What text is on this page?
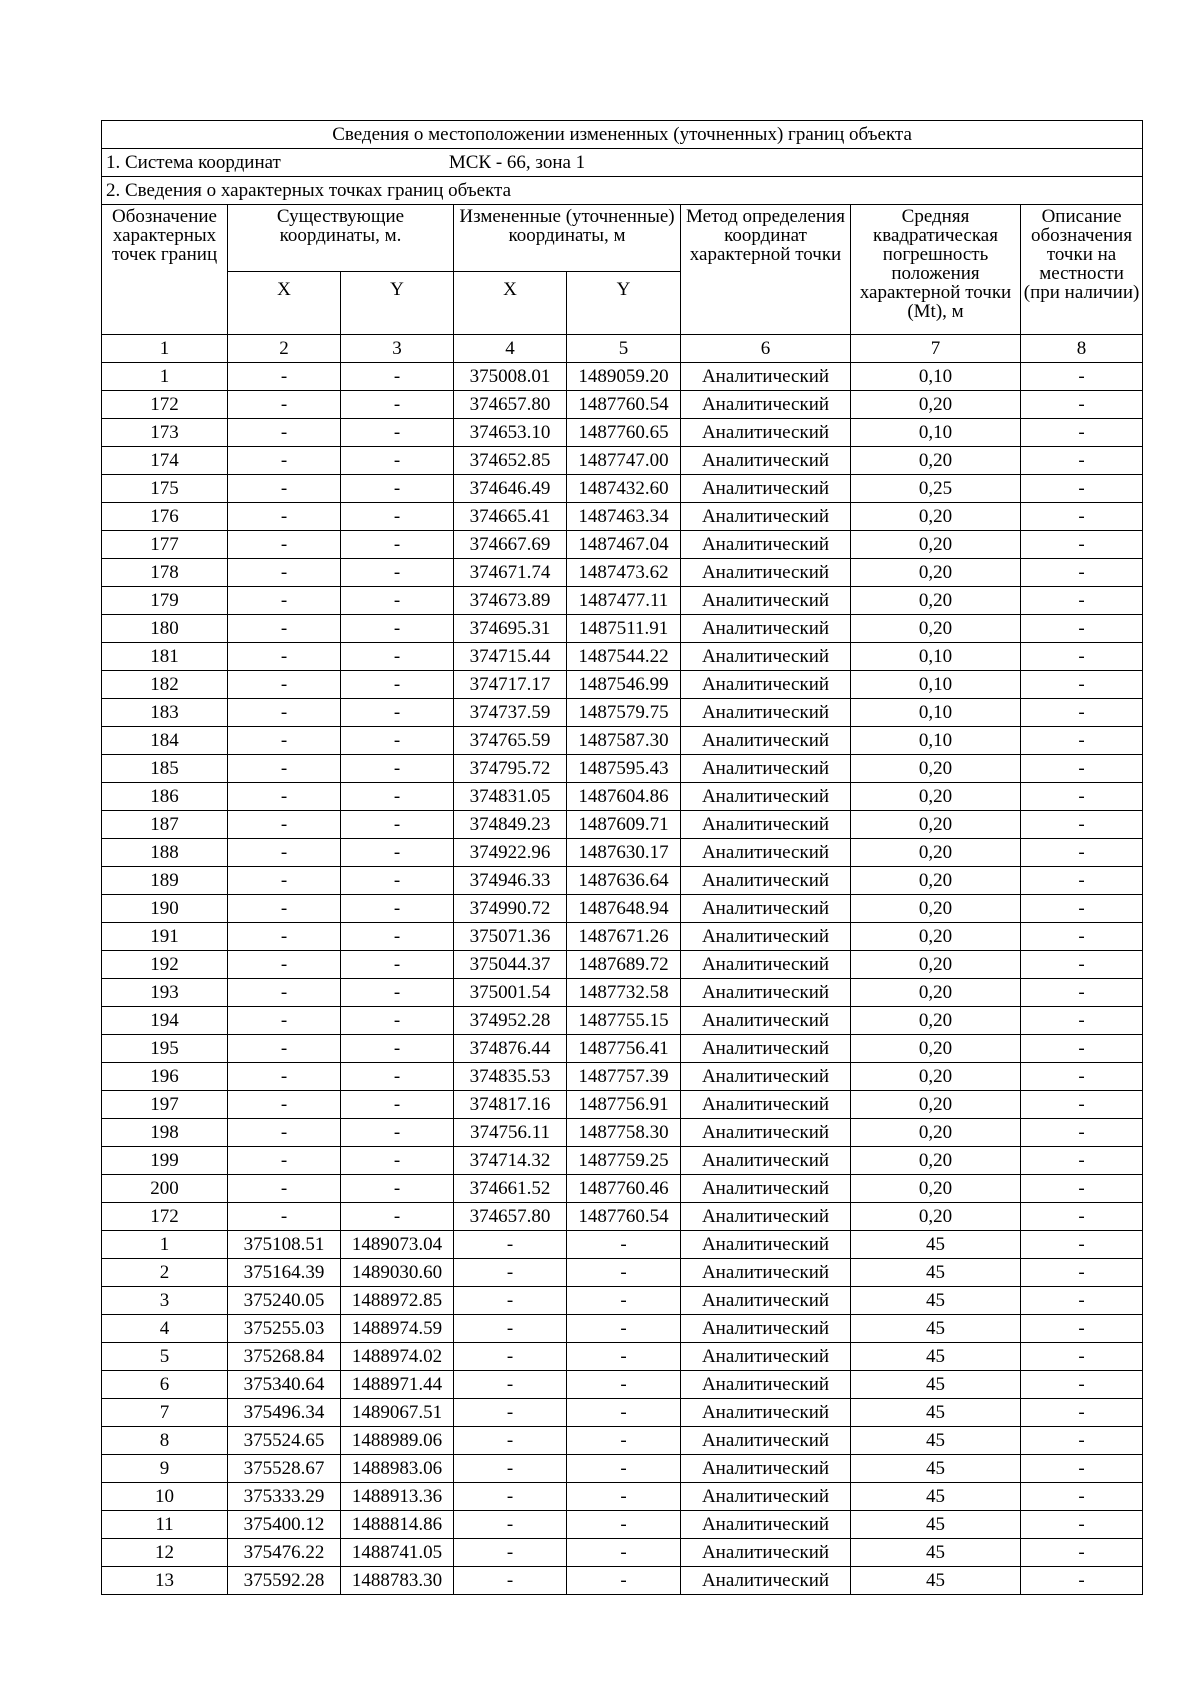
Сведения о местоположении измененных (уточненных) границ объекта							
1. Система координат МСК - 66, зона 1							
2. Сведения о характерных точках границ объекта							
Обозначение характерных точек границ	Существующие координаты, м.		Измененные (уточненные) координаты, м		Метод определения координат характерной точки	Средняя квадратическая погрешность положения характерной точки (Mt), м	Описание обозначения точки на местности (при наличии)
	X	Y	X	Y			
1	2	3	4	5	6	7	8
1	-	-	375008.01	1489059.20	Аналитический	0,10	-
172	-	-	374657.80	1487760.54	Аналитический	0,20	-
173	-	-	374653.10	1487760.65	Аналитический	0,10	-
174	-	-	374652.85	1487747.00	Аналитический	0,20	-
175	-	-	374646.49	1487432.60	Аналитический	0,25	-
176	-	-	374665.41	1487463.34	Аналитический	0,20	-
177	-	-	374667.69	1487467.04	Аналитический	0,20	-
178	-	-	374671.74	1487473.62	Аналитический	0,20	-
179	-	-	374673.89	1487477.11	Аналитический	0,20	-
180	-	-	374695.31	1487511.91	Аналитический	0,20	-
181	-	-	374715.44	1487544.22	Аналитический	0,10	-
182	-	-	374717.17	1487546.99	Аналитический	0,10	-
183	-	-	374737.59	1487579.75	Аналитический	0,10	-
184	-	-	374765.59	1487587.30	Аналитический	0,10	-
185	-	-	374795.72	1487595.43	Аналитический	0,20	-
186	-	-	374831.05	1487604.86	Аналитический	0,20	-
187	-	-	374849.23	1487609.71	Аналитический	0,20	-
188	-	-	374922.96	1487630.17	Аналитический	0,20	-
189	-	-	374946.33	1487636.64	Аналитический	0,20	-
190	-	-	374990.72	1487648.94	Аналитический	0,20	-
191	-	-	375071.36	1487671.26	Аналитический	0,20	-
192	-	-	375044.37	1487689.72	Аналитический	0,20	-
193	-	-	375001.54	1487732.58	Аналитический	0,20	-
194	-	-	374952.28	1487755.15	Аналитический	0,20	-
195	-	-	374876.44	1487756.41	Аналитический	0,20	-
196	-	-	374835.53	1487757.39	Аналитический	0,20	-
197	-	-	374817.16	1487756.91	Аналитический	0,20	-
198	-	-	374756.11	1487758.30	Аналитический	0,20	-
199	-	-	374714.32	1487759.25	Аналитический	0,20	-
200	-	-	374661.52	1487760.46	Аналитический	0,20	-
172	-	-	374657.80	1487760.54	Аналитический	0,20	-
1	375108.51	1489073.04	-	-	Аналитический	45	-
2	375164.39	1489030.60	-	-	Аналитический	45	-
3	375240.05	1488972.85	-	-	Аналитический	45	-
4	375255.03	1488974.59	-	-	Аналитический	45	-
5	375268.84	1488974.02	-	-	Аналитический	45	-
6	375340.64	1488971.44	-	-	Аналитический	45	-
7	375496.34	1489067.51	-	-	Аналитический	45	-
8	375524.65	1488989.06	-	-	Аналитический	45	-
9	375528.67	1488983.06	-	-	Аналитический	45	-
10	375333.29	1488913.36	-	-	Аналитический	45	-
11	375400.12	1488814.86	-	-	Аналитический	45	-
12	375476.22	1488741.05	-	-	Аналитический	45	-
13	375592.28	1488783.30	-	-	Аналитический	45	-
